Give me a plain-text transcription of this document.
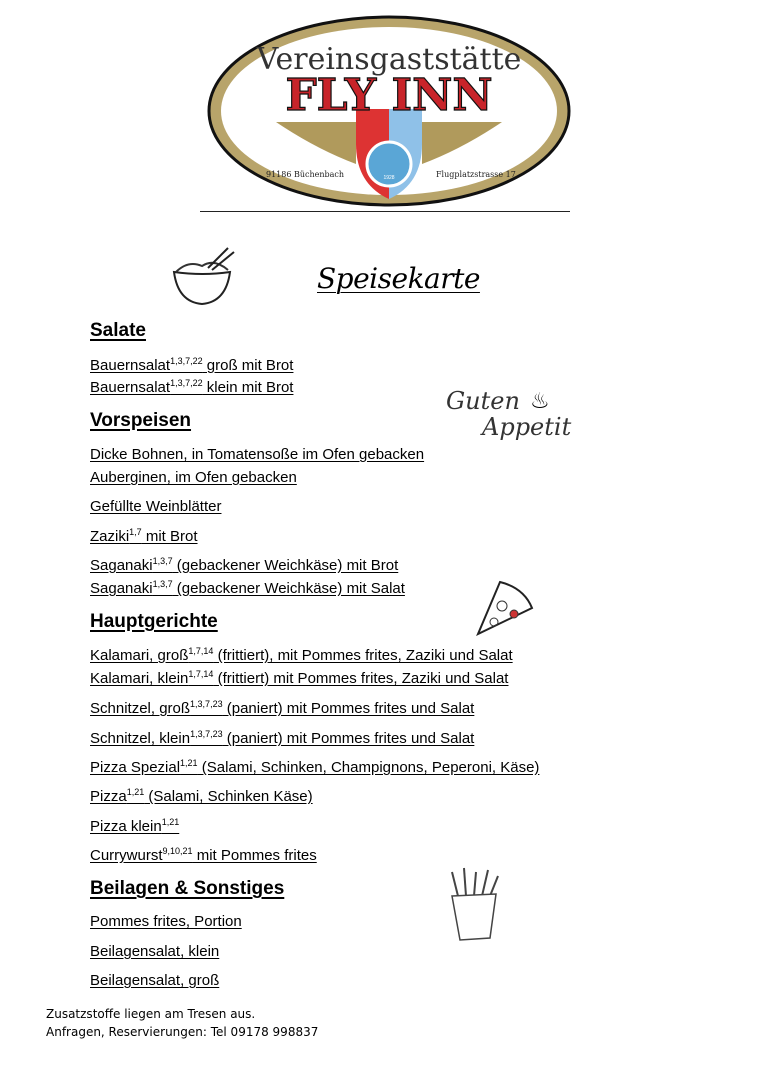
Vereinsgaststätte
FLY INN
91186 Büchenbach	Flugplatzstrasse 17
1928
Speisekarte
Guten
Appetit
♨
Salate
Bauernsalat$^{1,3,7,22}$ groß mit Brot
Bauernsalat$^{1,3,7,22}$ klein mit Brot
Vorspeisen
Dicke Bohnen, in Tomatensoße im Ofen gebacken
Auberginen, im Ofen gebacken
Gefüllte Weinblätter
Zaziki$^{1,7}$ mit Brot
Saganaki$^{1,3,7}$ (gebackener Weichkäse) mit Brot
Saganaki$^{1,3,7}$ (gebackener Weichkäse) mit Salat
Hauptgerichte
Kalamari, groß$^{1,7,14}$ (frittiert), mit Pommes frites, Zaziki und Salat
Kalamari, klein$^{1,7,14}$ (frittiert) mit Pommes frites, Zaziki und Salat
Schnitzel, groß$^{1,3,7,23}$ (paniert) mit Pommes frites und Salat
Schnitzel, klein$^{1,3,7,23}$ (paniert) mit Pommes frites und Salat
Pizza Spezial$^{1,21}$ (Salami, Schinken, Champignons, Peperoni, Käse)
Pizza$^{1,21}$ (Salami, Schinken Käse)
Pizza klein$^{1,21}$
Currywurst$^{9,10,21}$ mit Pommes frites
Beilagen & Sonstiges
Pommes frites, Portion
Beilagensalat, klein
Beilagensalat, groß
Zusatzstoffe liegen am Tresen aus.
Anfragen, Reservierungen: Tel 09178 998837
